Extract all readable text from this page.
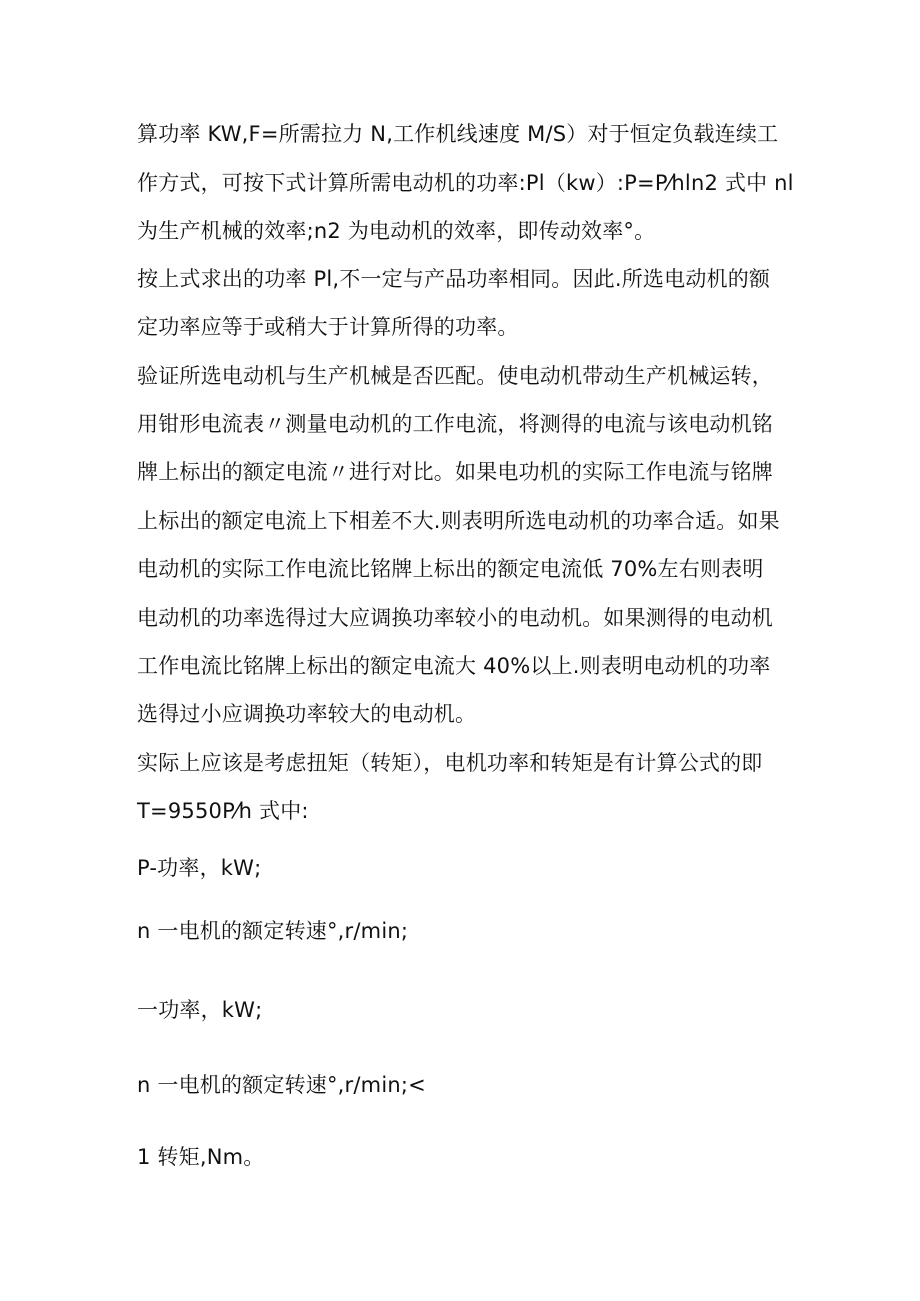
算功率 KW,F=所需拉力 N,工作机线速度 M/S）对于恒定负载连续工
作方式，可按下式计算所需电动机的功率:Pl（kw）:P=P⁄hln2 式中 nl
为生产机械的效率;n2 为电动机的效率，即传动效率°。
按上式求出的功率 Pl,不一定与产品功率相同。因此.所选电动机的额
定功率应等于或稍大于计算所得的功率。
验证所选电动机与生产机械是否匹配。使电动机带动生产机械运转，
用钳形电流表〃测量电动机的工作电流，将测得的电流与该电动机铭
牌上标出的额定电流〃进行对比。如果电功机的实际工作电流与铭牌
上标出的额定电流上下相差不大.则表明所选电动机的功率合适。如果
电动机的实际工作电流比铭牌上标出的额定电流低 70%左右则表明
电动机的功率选得过大应调换功率较小的电动机。如果测得的电动机
工作电流比铭牌上标出的额定电流大 40%以上.则表明电动机的功率
选得过小应调换功率较大的电动机。
实际上应该是考虑扭矩（转矩），电机功率和转矩是有计算公式的即
T=9550P⁄h 式中:
P-功率，kW;
n 一电机的额定转速°,r/min;
一功率，kW;
n 一电机的额定转速°,r/min;<
1 转矩,Nm。
